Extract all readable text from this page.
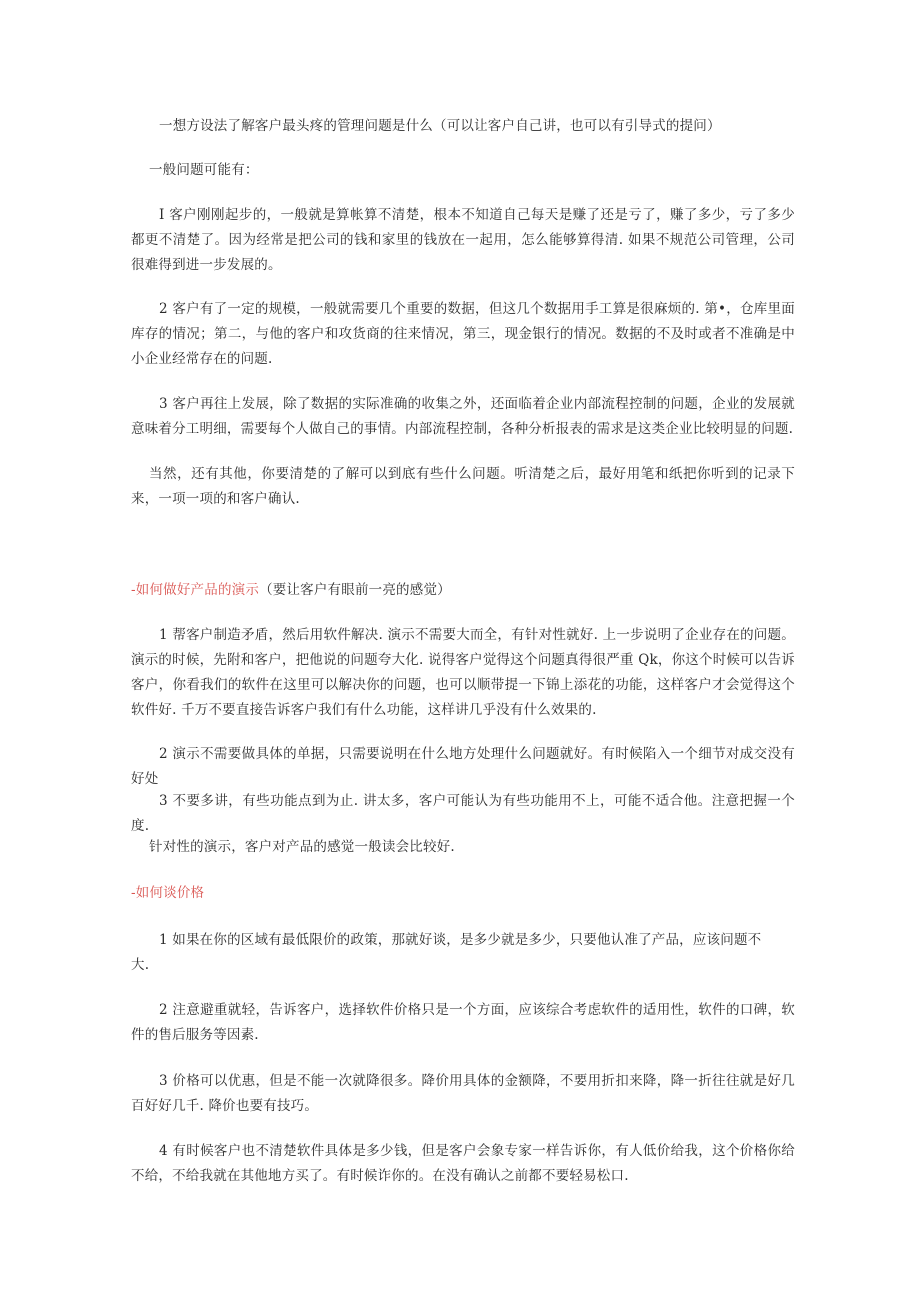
一想方设法了解客户最头疼的管理问题是什么（可以让客户自己讲，也可以有引导式的提问）

一般问题可能有：

I 客户刚刚起步的，一般就是算帐算不清楚，根本不知道自己每天是赚了还是亏了，赚了多少，亏了多少都更不清楚了。因为经常是把公司的钱和家里的钱放在一起用，怎么能够算得清. 如果不规范公司管理，公司很难得到进一步发展的。

2 客户有了一定的规模，一般就需要几个重要的数据，但这几个数据用手工算是很麻烦的. 第•，仓库里面库存的情况；第二，与他的客户和攻货商的往来情况，第三，现金银行的情况。数据的不及时或者不准确是中小企业经常存在的问题.

3 客户再往上发展，除了数据的实际准确的收集之外，还面临着企业内部流程控制的问题，企业的发展就意味着分工明细，需要每个人做自己的事情。内部流程控制，各种分析报表的需求是这类企业比较明显的问题.

当然，还有其他，你要清楚的了解可以到底有些什么问题。听清楚之后，最好用笔和纸把你听到的记录下来，一项一项的和客户确认.

-如何做好产品的演示（要让客户有眼前一亮的感觉）

1 帮客户制造矛盾，然后用软件解决. 演示不需要大而全，有针对性就好. 上一步说明了企业存在的问题。演示的时候，先附和客户，把他说的问题夸大化. 说得客户觉得这个问题真得很严重 Qk，你这个时候可以告诉客户，你看我们的软件在这里可以解决你的问题，也可以顺带提一下锦上添花的功能，这样客户才会觉得这个软件好. 千万不要直接告诉客户我们有什么功能，这样讲几乎没有什么效果的.

2 演示不需要做具体的单据，只需要说明在什么地方处理什么问题就好。有时候陷入一个细节对成交没有好处

3 不要多讲，有些功能点到为止. 讲太多，客户可能认为有些功能用不上，可能不适合他。注意把握一个度.

针对性的演示，客户对产品的感觉一般读会比较好.

-如何谈价格

1 如果在你的区域有最低限价的政策，那就好谈，是多少就是多少，只要他认准了产品，应该问题不
大.

2 注意避重就轻，告诉客户，选择软件价格只是一个方面，应该综合考虑软件的适用性，软件的口碑，软件的售后服务等因素.

3 价格可以优惠，但是不能一次就降很多。降价用具体的金额降，不要用折扣来降，降一折往往就是好几百好好几千. 降价也要有技巧。

4 有时候客户也不清楚软件具体是多少钱，但是客户会象专家一样告诉你，有人低价给我，这个价格你给不给，不给我就在其他地方买了。有时候诈你的。在没有确认之前都不要轻易松口.
